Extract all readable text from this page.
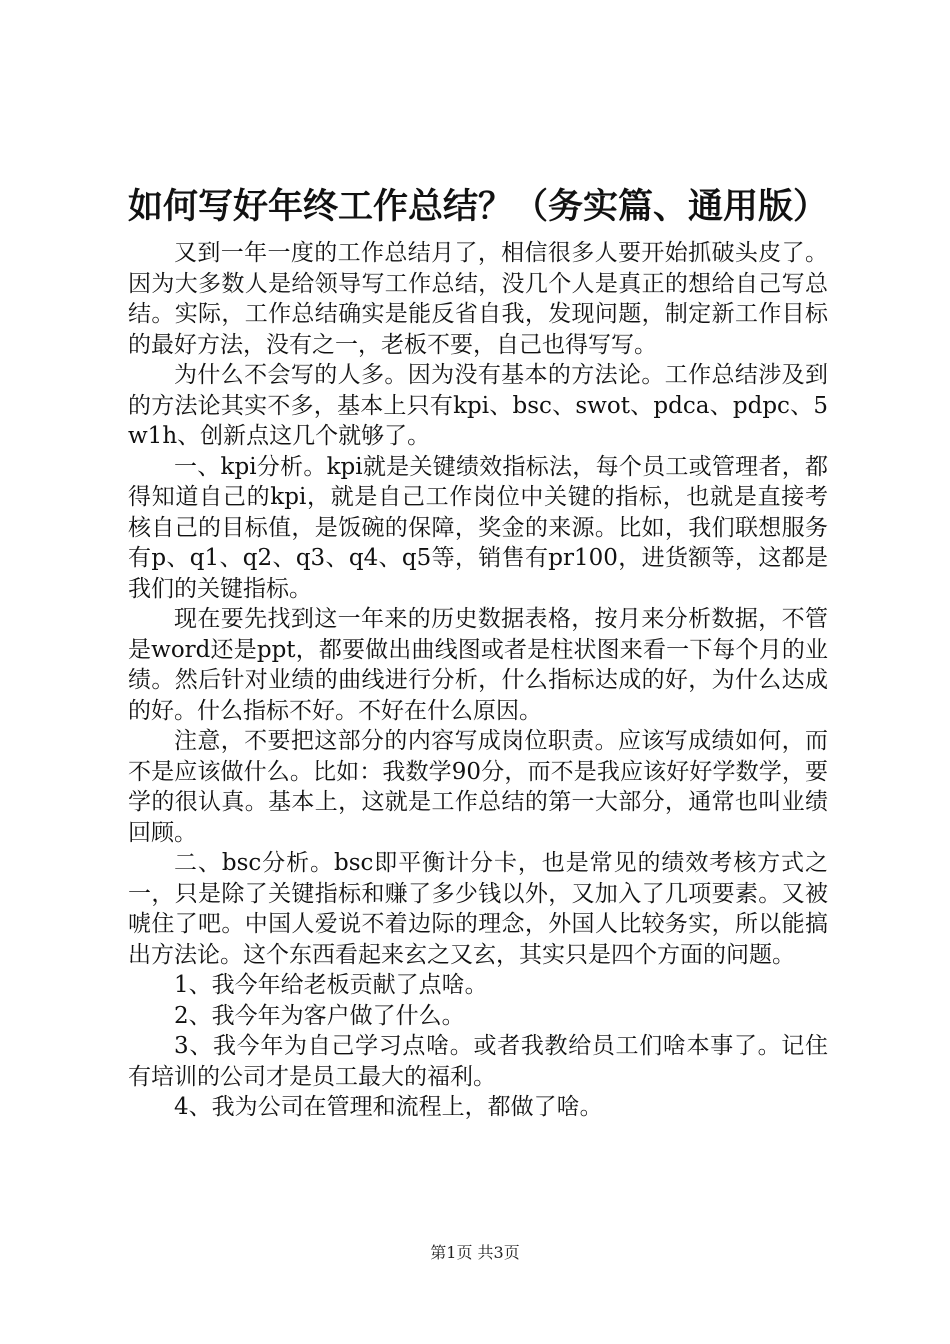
如何写好年终工作总结？（务实篇、通用版）

又到一年一度的工作总结月了，相信很多人要开始抓破头皮了。因为大多数人是给领导写工作总结，没几个人是真正的想给自己写总结。实际，工作总结确实是能反省自我，发现问题，制定新工作目标的最好方法，没有之一，老板不要，自己也得写写。

为什么不会写的人多。因为没有基本的方法论。工作总结涉及到的方法论其实不多，基本上只有kpi、bsc、swot、pdca、pdpc、5w1h、创新点这几个就够了。

一、kpi分析。kpi就是关键绩效指标法，每个员工或管理者，都得知道自己的kpi，就是自己工作岗位中关键的指标，也就是直接考核自己的目标值，是饭碗的保障，奖金的来源。比如，我们联想服务有p、q1、q2、q3、q4、q5等，销售有pr100，进货额等，这都是我们的关键指标。

现在要先找到这一年来的历史数据表格，按月来分析数据，不管是word还是ppt，都要做出曲线图或者是柱状图来看一下每个月的业绩。然后针对业绩的曲线进行分析，什么指标达成的好，为什么达成的好。什么指标不好。不好在什么原因。

注意，不要把这部分的内容写成岗位职责。应该写成绩如何，而不是应该做什么。比如：我数学90分，而不是我应该好好学数学，要学的很认真。基本上，这就是工作总结的第一大部分，通常也叫业绩回顾。

二、bsc分析。bsc即平衡计分卡，也是常见的绩效考核方式之一，只是除了关键指标和赚了多少钱以外，又加入了几项要素。又被唬住了吧。中国人爱说不着边际的理念，外国人比较务实，所以能搞出方法论。这个东西看起来玄之又玄，其实只是四个方面的问题。

1、我今年给老板贡献了点啥。

2、我今年为客户做了什么。

3、我今年为自己学习点啥。或者我教给员工们啥本事了。记住有培训的公司才是员工最大的福利。

4、我为公司在管理和流程上，都做了啥。

第1页 共3页
